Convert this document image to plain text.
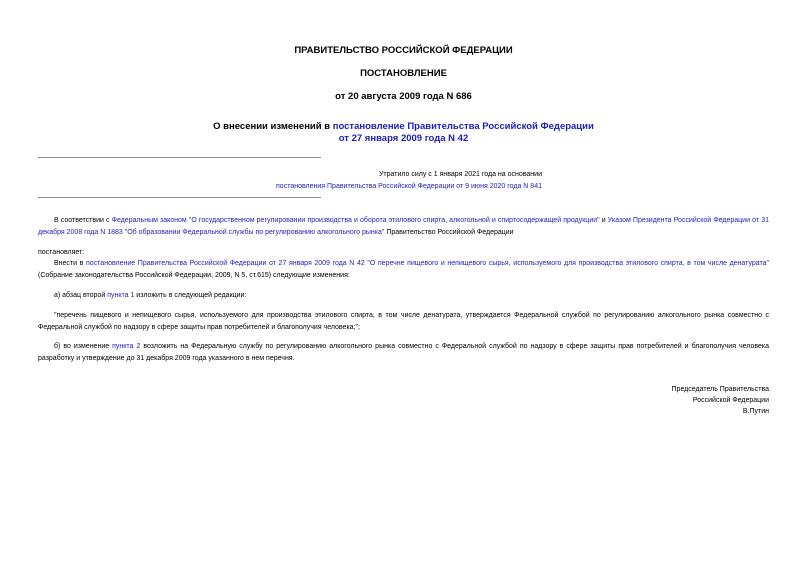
ПРАВИТЕЛЬСТВО РОССИЙСКОЙ ФЕДЕРАЦИИ
ПОСТАНОВЛЕНИЕ
от 20 августа 2009 года N 686
О внесении изменений в постановление Правительства Российской Федерации
от 27 января 2009 года N 42
Утратило силу с 1 января 2021 года на основании
постановления Правительства Российской Федерации от 9 июня 2020 года N 841
В соответствии с Федеральным законом "О государственном регулировании производства и оборота этилового спирта, алкогольной и спиртосодержащей продукции" и Указом Президента Российской Федерации от 31 декабря 2008 года N 1883 "Об образовании Федеральной службы по регулированию алкогольного рынка" Правительство Российской Федерации
постановляет:
Внести в постановление Правительства Российской Федерации от 27 января 2009 года N 42 "О перечне пищевого и непищевого сырья, используемого для производства этилового спирта, в том числе денатурата" (Собрание законодательства Российской Федерации, 2009, N 5, ст.615) следующие изменения:
а) абзац второй пункта 1 изложить в следующей редакции:
"перечень пищевого и непищевого сырья, используемого для производства этилового спирта, в том числе денатурата, утверждается Федеральной службой по регулированию алкогольного рынка совместно с Федеральной службой по надзору в сфере защиты прав потребителей и благополучия человека;";
б) во изменение пункта 2 возложить на Федеральную службу по регулированию алкогольного рынка совместно с Федеральной службой по надзору в сфере защиты прав потребителей и благополучия человека разработку и утверждение до 31 декабря 2009 года указанного в нем перечня.
Председатель Правительства
Российской Федерации
В.Путин
